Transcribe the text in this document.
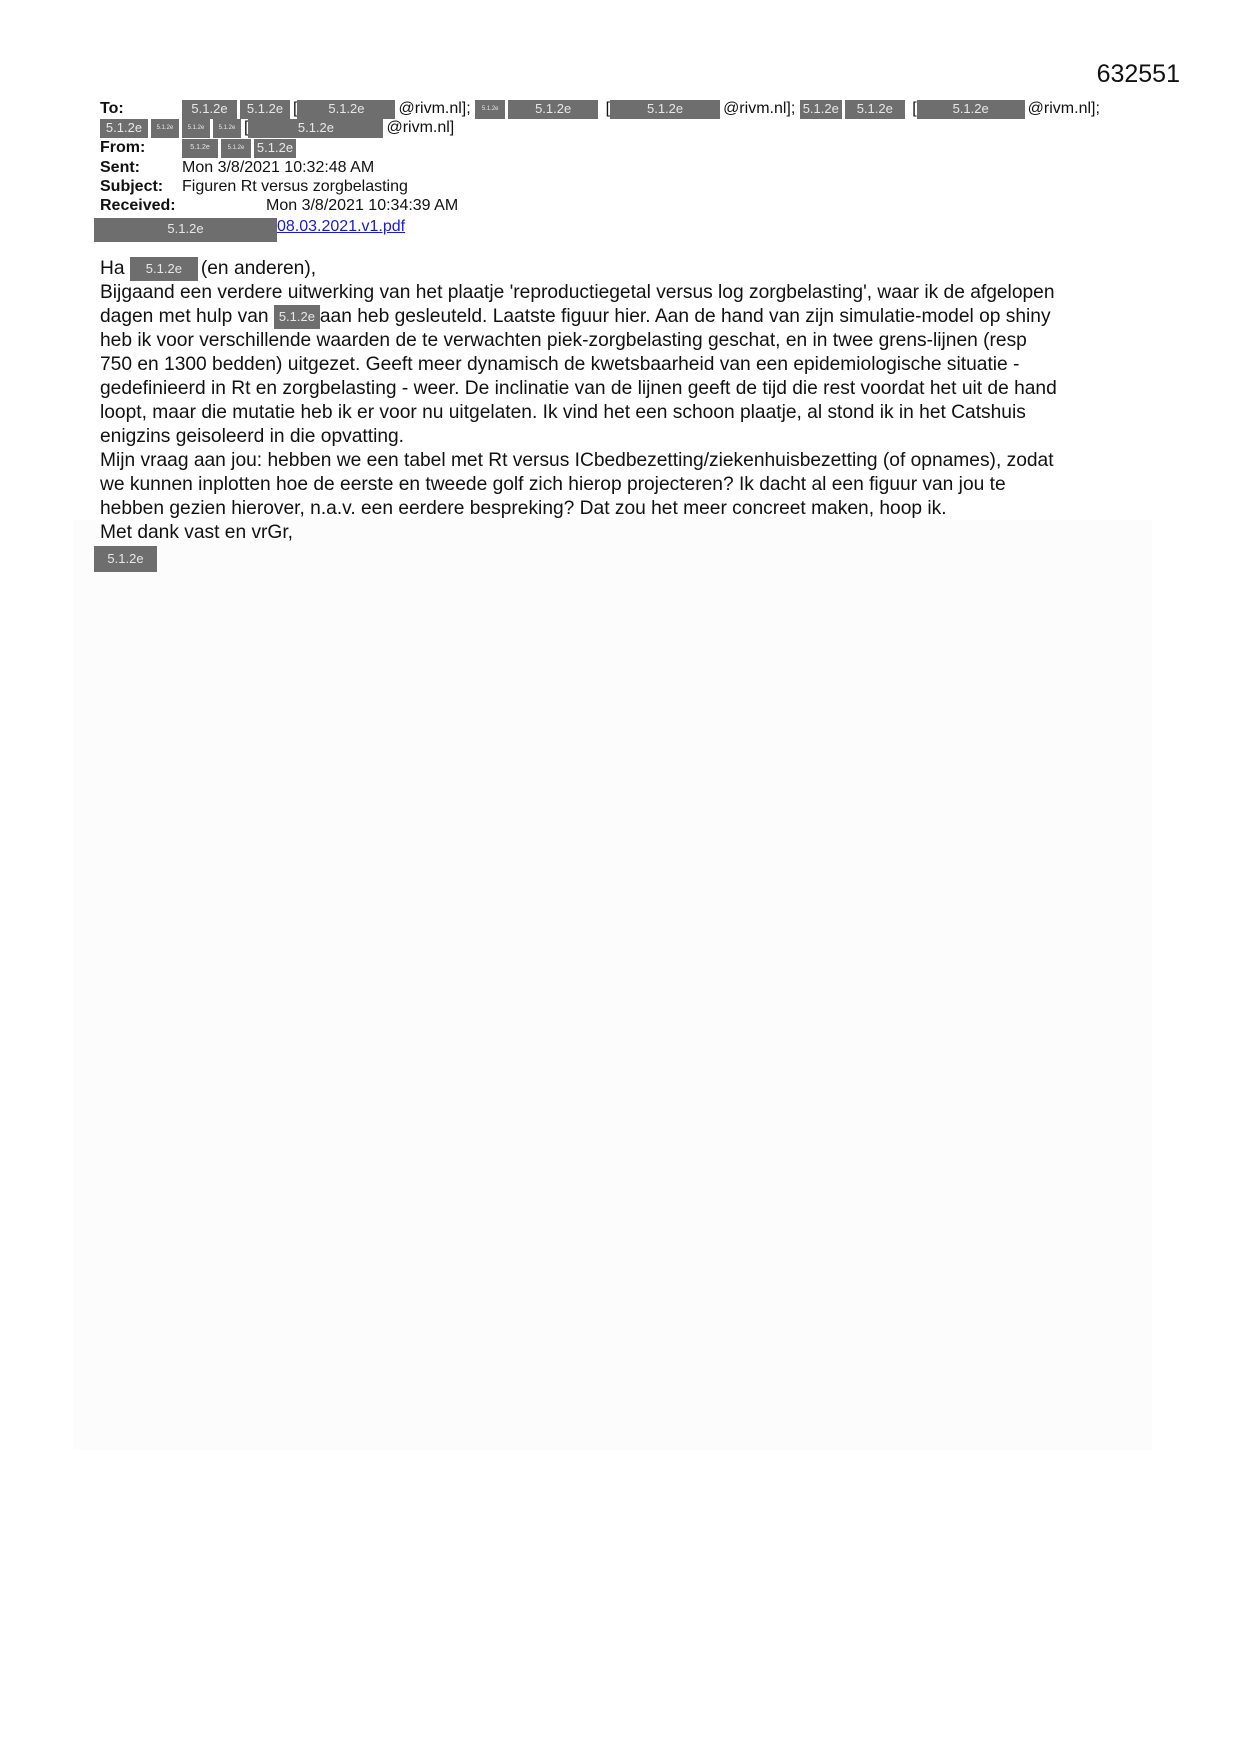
632551
To:	5.1.2e 5.1.2e [ 5.1.2e @rivm.nl]; 5.1.2e	5.1.2e [	5.1.2e @rivm.nl]; 5.1.2e 5.1.2e [	5.1.2e @rivm.nl];
5.1.2e 5.1.2e 5.1.2e 5.1.2e [	5.1.2e	@rivm.nl]
From:	5.1.2e	5.1.2e 5.1.2e
Sent:	Mon 3/8/2021 10:32:48 AM
Subject: Figuren Rt versus zorgbelasting
Received:	Mon 3/8/2021 10:34:39 AM
5.1.2e	08.03.2021.v1.pdf

Ha 5.1.2e (en anderen),

Bijgaand een verdere uitwerking van het plaatje 'reproductiegetal versus log zorgbelasting', waar ik de afgelopen
dagen met hulp van 5.1.2e aan heb gesleuteld. Laatste figuur hier. Aan de hand van zijn simulatie-model op shiny
heb ik voor verschillende waarden de te verwachten piek-zorgbelasting geschat, en in twee grens-lijnen (resp
750 en 1300 bedden) uitgezet. Geeft meer dynamisch de kwetsbaarheid van een epidemiologische situatie -
gedefinieerd in Rt en zorgbelasting - weer. De inclinatie van de lijnen geeft de tijd die rest voordat het uit de hand
loopt, maar die mutatie heb ik er voor nu uitgelaten. Ik vind het een schoon plaatje, al stond ik in het Catshuis
enigzins geisoleerd in die opvatting.

Mijn vraag aan jou: hebben we een tabel met Rt versus ICbedbezetting/ziekenhuisbezetting (of opnames), zodat
we kunnen inplotten hoe de eerste en tweede golf zich hierop projecteren? Ik dacht al een figuur van jou te
hebben gezien hierover, n.a.v. een eerdere bespreking? Dat zou het meer concreet maken, hoop ik.

Met dank vast en vrGr,

5.1.2e
